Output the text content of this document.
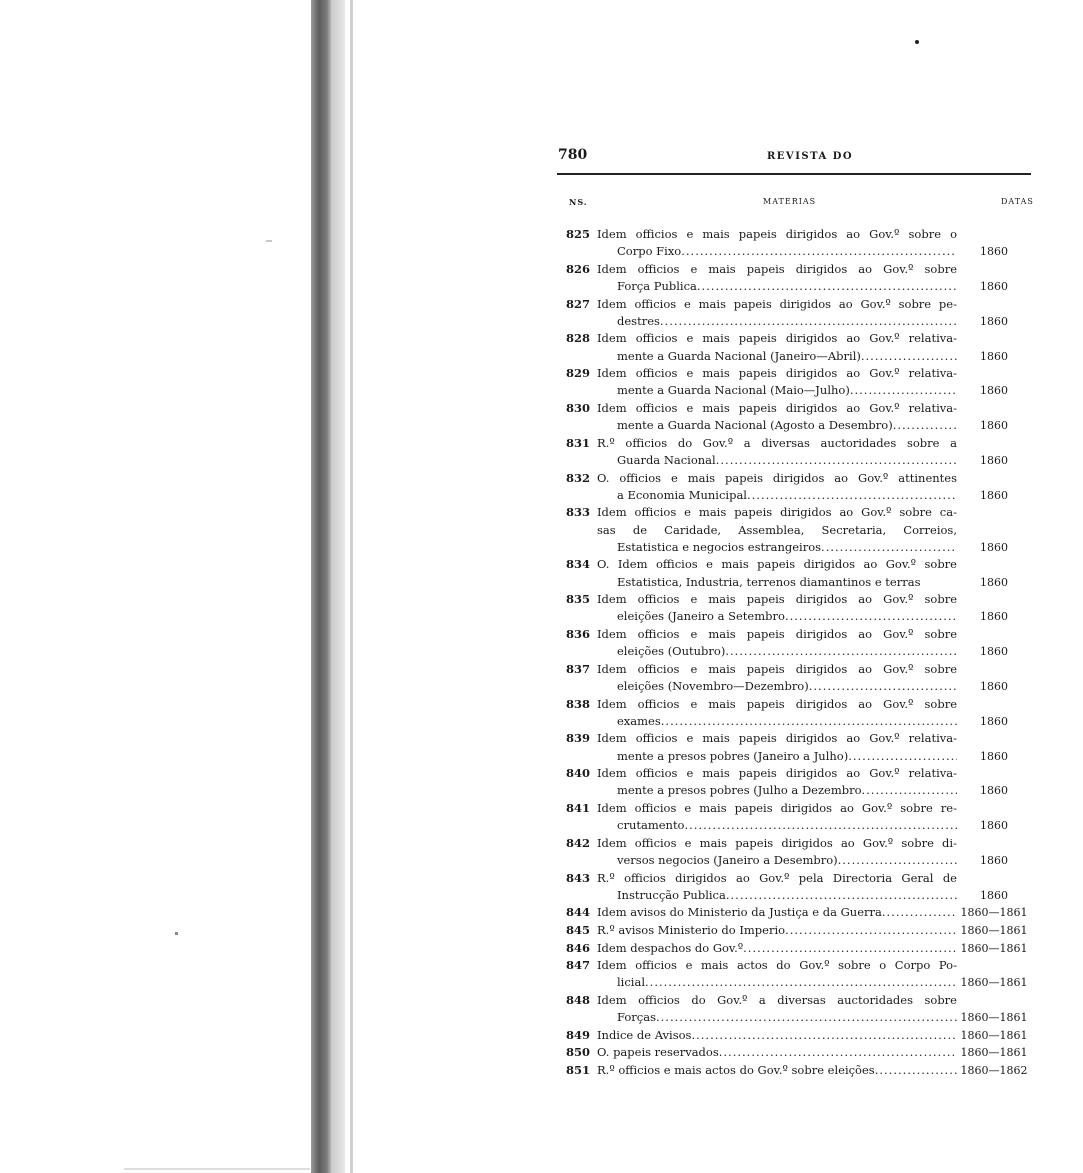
780	REVISTA DO
NS.	MATERIAS	DATAS
825 Idem officios e mais papeis dirigidos ao Gov.º sobre o
Corpo Fixo .....	1860
826 Idem officios e mais papeis dirigidos ao Gov.º sobre
Força Publica .....	1860
827 Idem officios e mais papeis dirigidos ao Gov.º sobre pe-
destres .....	1860
828 Idem officios e mais papeis dirigidos ao Gov.º relativa-
mente a Guarda Nacional (Janeiro—Abril) .....	1860
829 Idem officios e mais papeis dirigidos ao Gov.º relativa-
mente a Guarda Nacional (Maio—Julho) .....	1860
830 Idem officios e mais papeis dirigidos ao Gov.º relativa-
mente a Guarda Nacional (Agosto a Desembro) .....	1860
831 R.º officios do Gov.º a diversas auctoridades sobre a
Guarda Nacional .....	1860
832 O. officios e mais papeis dirigidos ao Gov.º attinentes
a Economia Municipal .....	1860
833 Idem officios e mais papeis dirigidos ao Gov.º sobre ca-
sas de Caridade, Assemblea, Secretaria, Correios,
Estatistica e negocios estrangeiros .....	1860
834 O. Idem officios e mais papeis dirigidos ao Gov.º sobre
Estatistica, Industria, terrenos diamantinos e terras	1860
835 Idem officios e mais papeis dirigidos ao Gov.º sobre
eleições (Janeiro a Setembro .....	1860
836 Idem officios e mais papeis dirigidos ao Gov.º sobre
eleições (Outubro) .....	1860
837 Idem officios e mais papeis dirigidos ao Gov.º sobre
eleições (Novembro—Dezembro) .....	1860
838 Idem officios e mais papeis dirigidos ao Gov.º sobre
exames .....	1860
839 Idem officios e mais papeis dirigidos ao Gov.º relativa-
mente a presos pobres (Janeiro a Julho) .....	1860
840 Idem officios e mais papeis dirigidos ao Gov.º relativa-
mente a presos pobres (Julho a Dezembro .....	1860
841 Idem officios e mais papeis dirigidos ao Gov.º sobre re-
crutamento .....	1860
842 Idem officios e mais papeis dirigidos ao Gov.º sobre di-
versos negocios (Janeiro a Desembro) .....	1860
843 R.º officios dirigidos ao Gov.º pela Directoria Geral de
Instrucção Publica .....	1860
844 Idem avisos do Ministerio da Justiça e da Guerra .....	1860—1861
845 R.º avisos Ministerio do Imperio .....	1860—1861
846 Idem despachos do Gov.º .....	1860—1861
847 Idem officios e mais actos do Gov.º sobre o Corpo Po-
licial .....	1860—1861
848 Idem officios do Gov.º a diversas auctoridades sobre
Forças .....	1860—1861
849 Indice de Avisos .....	1860—1861
850 O. papeis reservados .....	1860—1861
851 R.º officios e mais actos do Gov.º sobre eleições .....	1860—1862
